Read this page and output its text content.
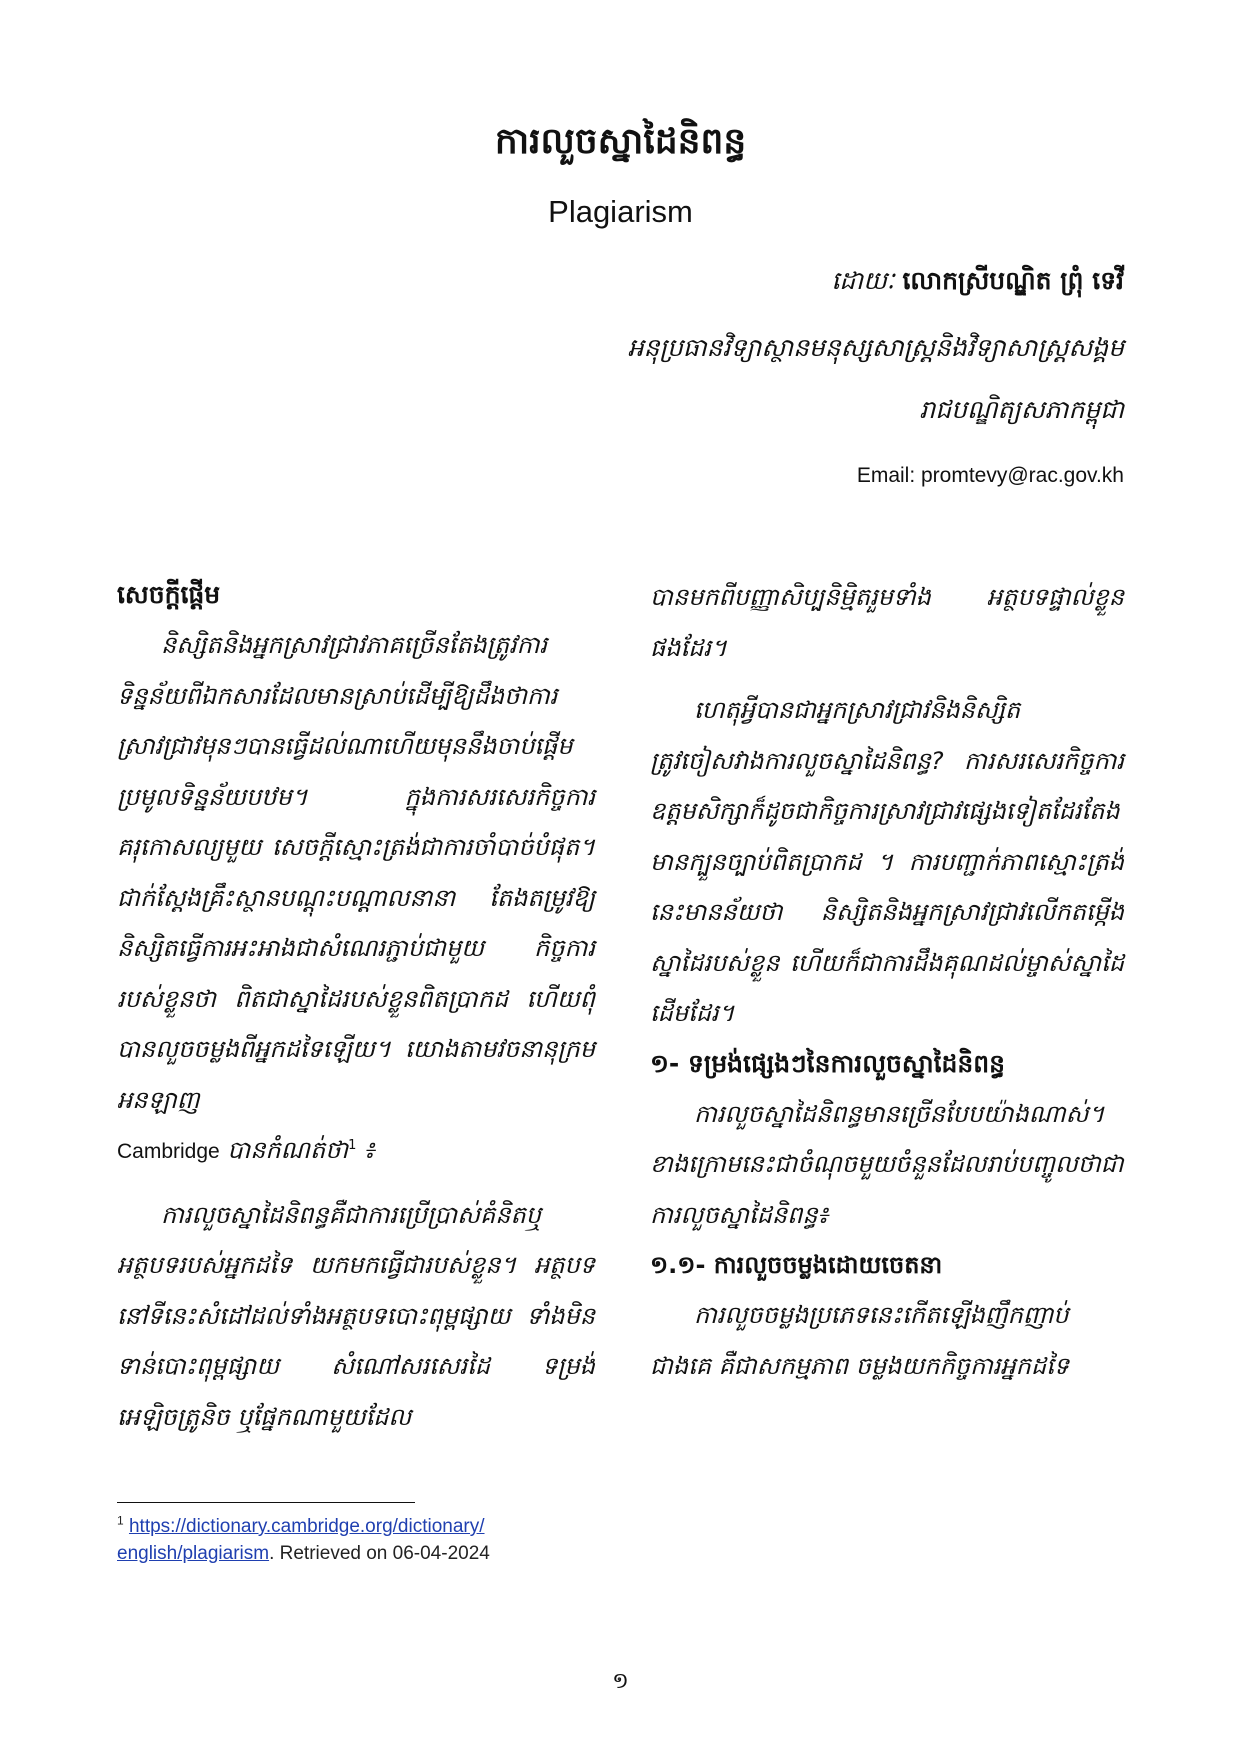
ការលួចស្នាដៃនិពន្ធ
Plagiarism
ដោយៈ លោកស្រីបណ្ឌិត ព្រុំ ទេវី
អនុប្រធានវិទ្យាស្ថានមនុស្សសាស្ត្រនិងវិទ្យាសាស្ត្រសង្គម
រាជបណ្ឌិត្យសភាកម្ពុជា
Email: promtevy@rac.gov.kh
សេចក្ដីផ្ដើម

និស្សិតនិងអ្នកស្រាវជ្រាវភាគច្រើនតែងត្រូវការទិន្នន័យពីឯកសារដែលមានស្រាប់ដើម្បីឱ្យដឹងថាការស្រាវជ្រាវមុនៗបានធ្វើដល់ណាហើយមុននឹងចាប់ផ្ដើមប្រមូលទិន្នន័យបឋម។ ក្នុងការសរសេរកិច្ចការគរុកោសល្យមួយ សេចក្ដីស្មោះត្រង់ជាការចាំបាច់បំផុត។ ជាក់ស្ដែងគ្រឹះស្ថានបណ្ដុះបណ្ដាលនានា តែងតម្រូវឱ្យនិស្សិតធ្វើការអះអាងជាសំណេរភ្ជាប់ជាមួយ កិច្ចការរបស់ខ្លួនថា ពិតជាស្នាដៃរបស់ខ្លួនពិតប្រាកដ ហើយពុំបានលួចចម្លងពីអ្នកដទៃឡើយ។ យោងតាមវចនានុក្រមអនឡាញ
Cambridge បានកំណត់ថា$^1$ ៖

ការលួចស្នាដៃនិពន្ធគឺជាការប្រើប្រាស់គំនិតឬអត្ថបទរបស់អ្នកដទៃ យកមកធ្វើជារបស់ខ្លួន។ អត្ថបទនៅទីនេះសំដៅដល់ទាំងអត្ថបទបោះពុម្ពផ្សាយ ទាំងមិនទាន់បោះពុម្ពផ្សាយ សំណៅសរសេរដៃ ទម្រង់អេឡិចត្រូនិច ឬផ្នែកណាមួយដែល

បានមកពីបញ្ញាសិប្បនិម្មិតរួមទាំង អត្ថបទផ្ទាល់ខ្លួនផងដែរ។

ហេតុអ្វីបានជាអ្នកស្រាវជ្រាវនិងនិស្សិតត្រូវចៀសវាងការលួចស្នាដៃនិពន្ធ? ការសរសេរកិច្ចការឧត្ដមសិក្សាក៏ដូចជាកិច្ចការស្រាវជ្រាវផ្សេងទៀតដែរតែងមានក្បួនច្បាប់ពិតប្រាកដ ។ ការបញ្ជាក់ភាពស្មោះត្រង់នេះមានន័យថា និស្សិតនិងអ្នកស្រាវជ្រាវលើកតម្កើងស្នាដៃរបស់ខ្លួន ហើយក៏ជាការដឹងគុណដល់ម្ចាស់ស្នាដៃដើមដែរ។

១- ទម្រង់ផ្សេងៗនៃការលួចស្នាដៃនិពន្ធ

ការលួចស្នាដៃនិពន្ធមានច្រើនបែបយ៉ាងណាស់។ ខាងក្រោមនេះជាចំណុចមួយចំនួនដែលរាប់បញ្ចូលថាជាការលួចស្នាដៃនិពន្ធ៖

១.១- ការលួចចម្លងដោយចេតនា

ការលួចចម្លងប្រភេទនេះកើតឡើងញឹកញាប់ជាងគេ គឺជាសកម្មភាព ចម្លងយកកិច្ចការអ្នកដទៃ

$^1$ https://dictionary.cambridge.org/dictionary/
english/plagiarism. Retrieved on 06-04-2024
១
